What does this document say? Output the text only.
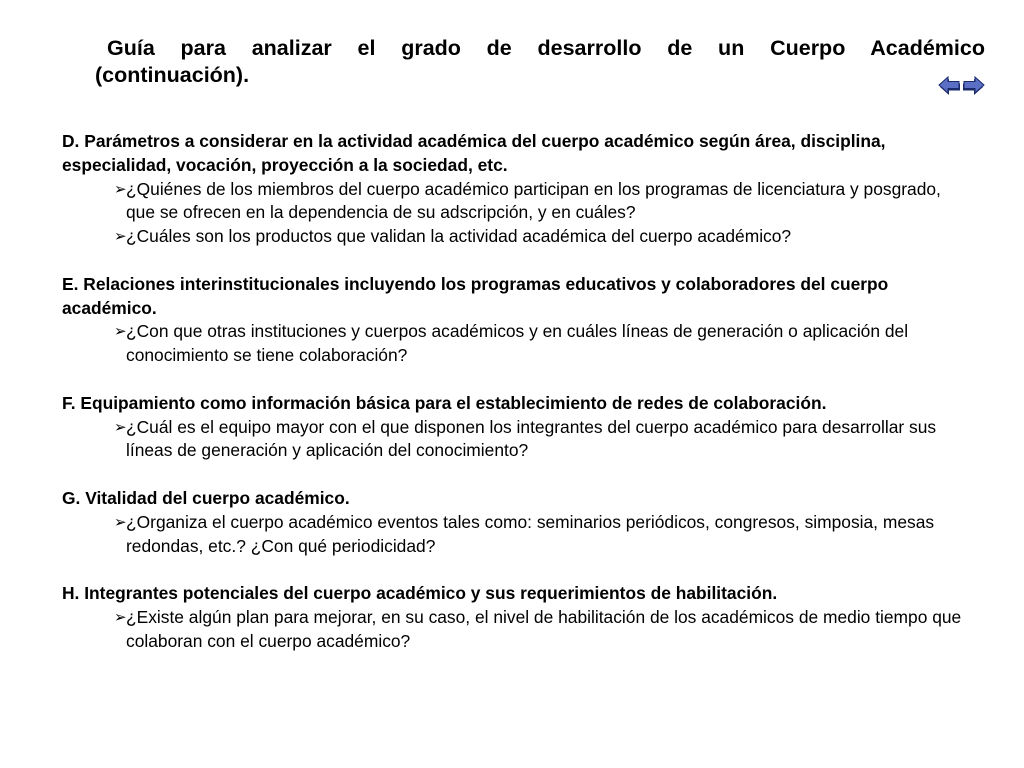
Guía para analizar el grado de desarrollo de un Cuerpo Académico
(continuación).
D. Parámetros a considerar en la actividad académica del cuerpo académico según área, disciplina, especialidad, vocación, proyección a la sociedad, etc.
➢ ¿Quiénes de los miembros del cuerpo académico participan en los programas de licenciatura y posgrado, que se ofrecen en la dependencia de su adscripción, y en cuáles?
➢ ¿Cuáles son los productos que validan la actividad académica del cuerpo académico?
E. Relaciones interinstitucionales incluyendo los programas educativos y colaboradores del cuerpo académico.
➢ ¿Con que otras instituciones y cuerpos académicos y en cuáles líneas de generación o aplicación del conocimiento se tiene colaboración?
F. Equipamiento como información básica para el establecimiento de redes de colaboración.
➢ ¿Cuál es el equipo mayor con el que disponen los integrantes del cuerpo académico para desarrollar sus líneas de generación y aplicación del conocimiento?
G. Vitalidad del cuerpo académico.
➢ ¿Organiza el cuerpo académico eventos tales como: seminarios periódicos, congresos, simposia, mesas redondas, etc.? ¿Con qué periodicidad?
H. Integrantes potenciales del cuerpo académico y sus requerimientos de habilitación.
➢ ¿Existe algún plan para mejorar, en su caso, el nivel de habilitación de los académicos de medio tiempo que colaboran con el cuerpo académico?
